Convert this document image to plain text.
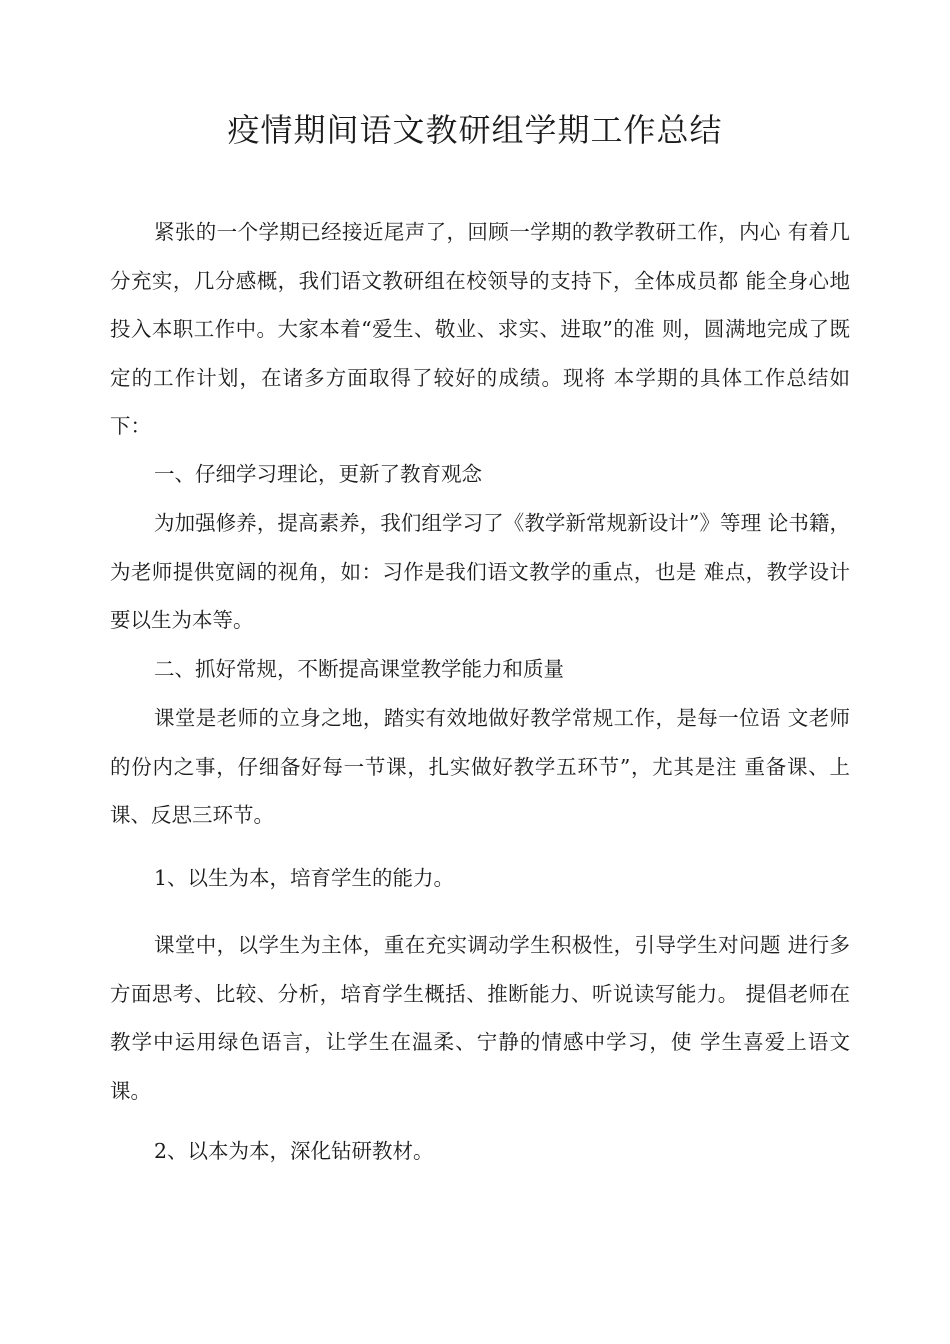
疫情期间语文教研组学期工作总结

紧张的一个学期已经接近尾声了，回顾一学期的教学教研工作，内心 有着几分充实，几分感概，我们语文教研组在校领导的支持下，全体成员都 能全身心地投入本职工作中。大家本着“爱生、敬业、求实、进取”的准 则，圆满地完成了既定的工作计划，在诸多方面取得了较好的成绩。现将 本学期的具体工作总结如下：

一、仔细学习理论，更新了教育观念

为加强修养，提高素养，我们组学习了《教学新常规新设计”》等理 论书籍，为老师提供宽阔的视角，如：习作是我们语文教学的重点，也是 难点，教学设计要以生为本等。

二、抓好常规，不断提高课堂教学能力和质量

课堂是老师的立身之地，踏实有效地做好教学常规工作，是每一位语 文老师的份内之事，仔细备好每一节课，扎实做好教学五环节”，尤其是注 重备课、上课、反思三环节。

1、以生为本，培育学生的能力。

课堂中，以学生为主体，重在充实调动学生积极性，引导学生对问题 进行多方面思考、比较、分析，培育学生概括、推断能力、听说读写能力。 提倡老师在教学中运用绿色语言，让学生在温柔、宁静的情感中学习，使 学生喜爱上语文课。

2、以本为本，深化钻研教材。
